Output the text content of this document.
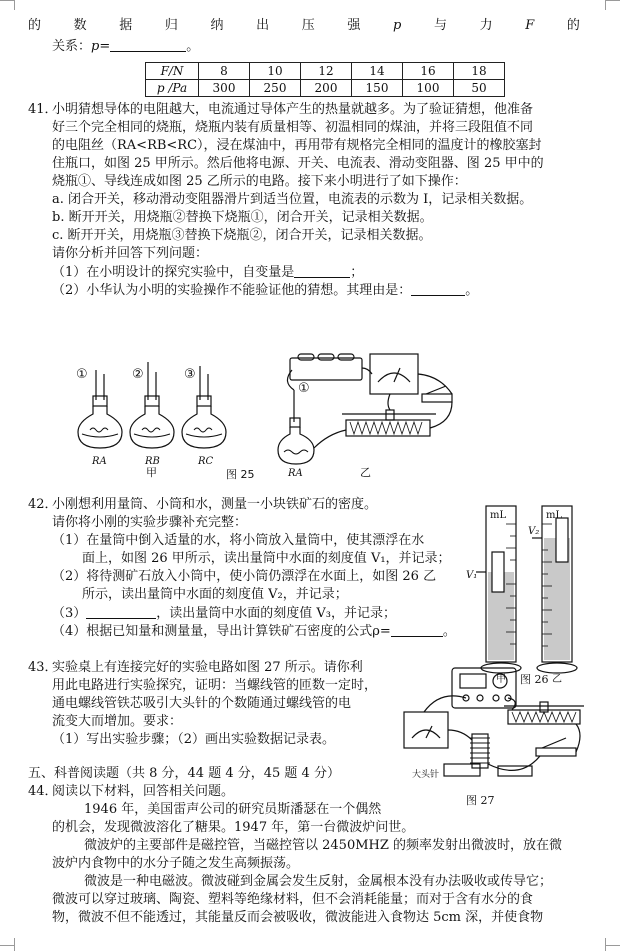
的	数	据	归	纳	出	压	强	p	与	力	F	的
关系：p=	。
F/N	8	10	12	14	16	18
p /Pa	300	250	200	150	100	50
41．
小明猜想导体的电阻越大，电流通过导体产生的热量就越多。为了验证猜想，他准备
好三个完全相同的烧瓶，烧瓶内装有质量相等、初温相同的煤油，并将三段阻值不同
的电阻丝（RA<RB<RC），浸在煤油中，再用带有规格完全相同的温度计的橡胶塞封
住瓶口，如图 25 甲所示。然后他将电源、开关、电流表、滑动变阻器、图 25 甲中的
烧瓶①、导线连成如图 25 乙所示的电路。接下来小明进行了如下操作：
a. 闭合开关，移动滑动变阻器滑片到适当位置，电流表的示数为 I，记录相关数据。
b. 断开开关，用烧瓶②替换下烧瓶①，闭合开关，记录相关数据。
c. 断开开关，用烧瓶③替换下烧瓶②，闭合开关，记录相关数据。
请你分析并回答下列问题：
（1）在小明设计的探究实验中，自变量是	；
（2）小华认为小明的实验操作不能验证他的猜想。其理由是：	。
①	②	③
①
RA	RB	RC
RA
甲	乙
图 25
42．
小刚想利用量筒、小筒和水，测量一小块铁矿石的密度。
请你将小刚的实验步骤补充完整：
（1）在量筒中倒入适量的水，将小筒放入量筒中，使其漂浮在水
面上，如图 26 甲所示，读出量筒中水面的刻度值 V₁，并记录；
（2）将待测矿石放入小筒中，使小筒仍漂浮在水面上，如图 26 乙
所示，读出量筒中水面的刻度值 V₂，并记录；
（3）	，读出量筒中水面的刻度值 V₃，并记录；
（4）根据已知量和测量量，导出计算铁矿石密度的公式ρ=	。
mL	mL
V₁
V₂
甲	乙
图 26
43．
实验桌上有连接完好的实验电路如图 27 所示。请你利
用此电路进行实验探究，证明：当螺线管的匝数一定时，
通电螺线管铁芯吸引大头针的个数随通过螺线管的电
流变大而增加。要求：
（1）写出实验步骤；（2）画出实验数据记录表。
大头针
图 27
五、科普阅读题（共 8 分，44 题 4 分，45 题 4 分）
44．
阅读以下材料，回答相关问题。
1946 年，美国雷声公司的研究员斯潘瑟在一个偶然
的机会，发现微波溶化了糖果。1947 年，第一台微波炉问世。
微波炉的主要部件是磁控管，当磁控管以 2450MHZ 的频率发射出微波时，放在微
波炉内食物中的水分子随之发生高频振荡。
微波是一种电磁波。微波碰到金属会发生反射，金属根本没有办法吸收或传导它；
微波可以穿过玻璃、陶瓷、塑料等绝缘材料，但不会消耗能量；而对于含有水分的食
物，微波不但不能透过，其能量反而会被吸收，微波能进入食物达 5cm 深，并使食物
